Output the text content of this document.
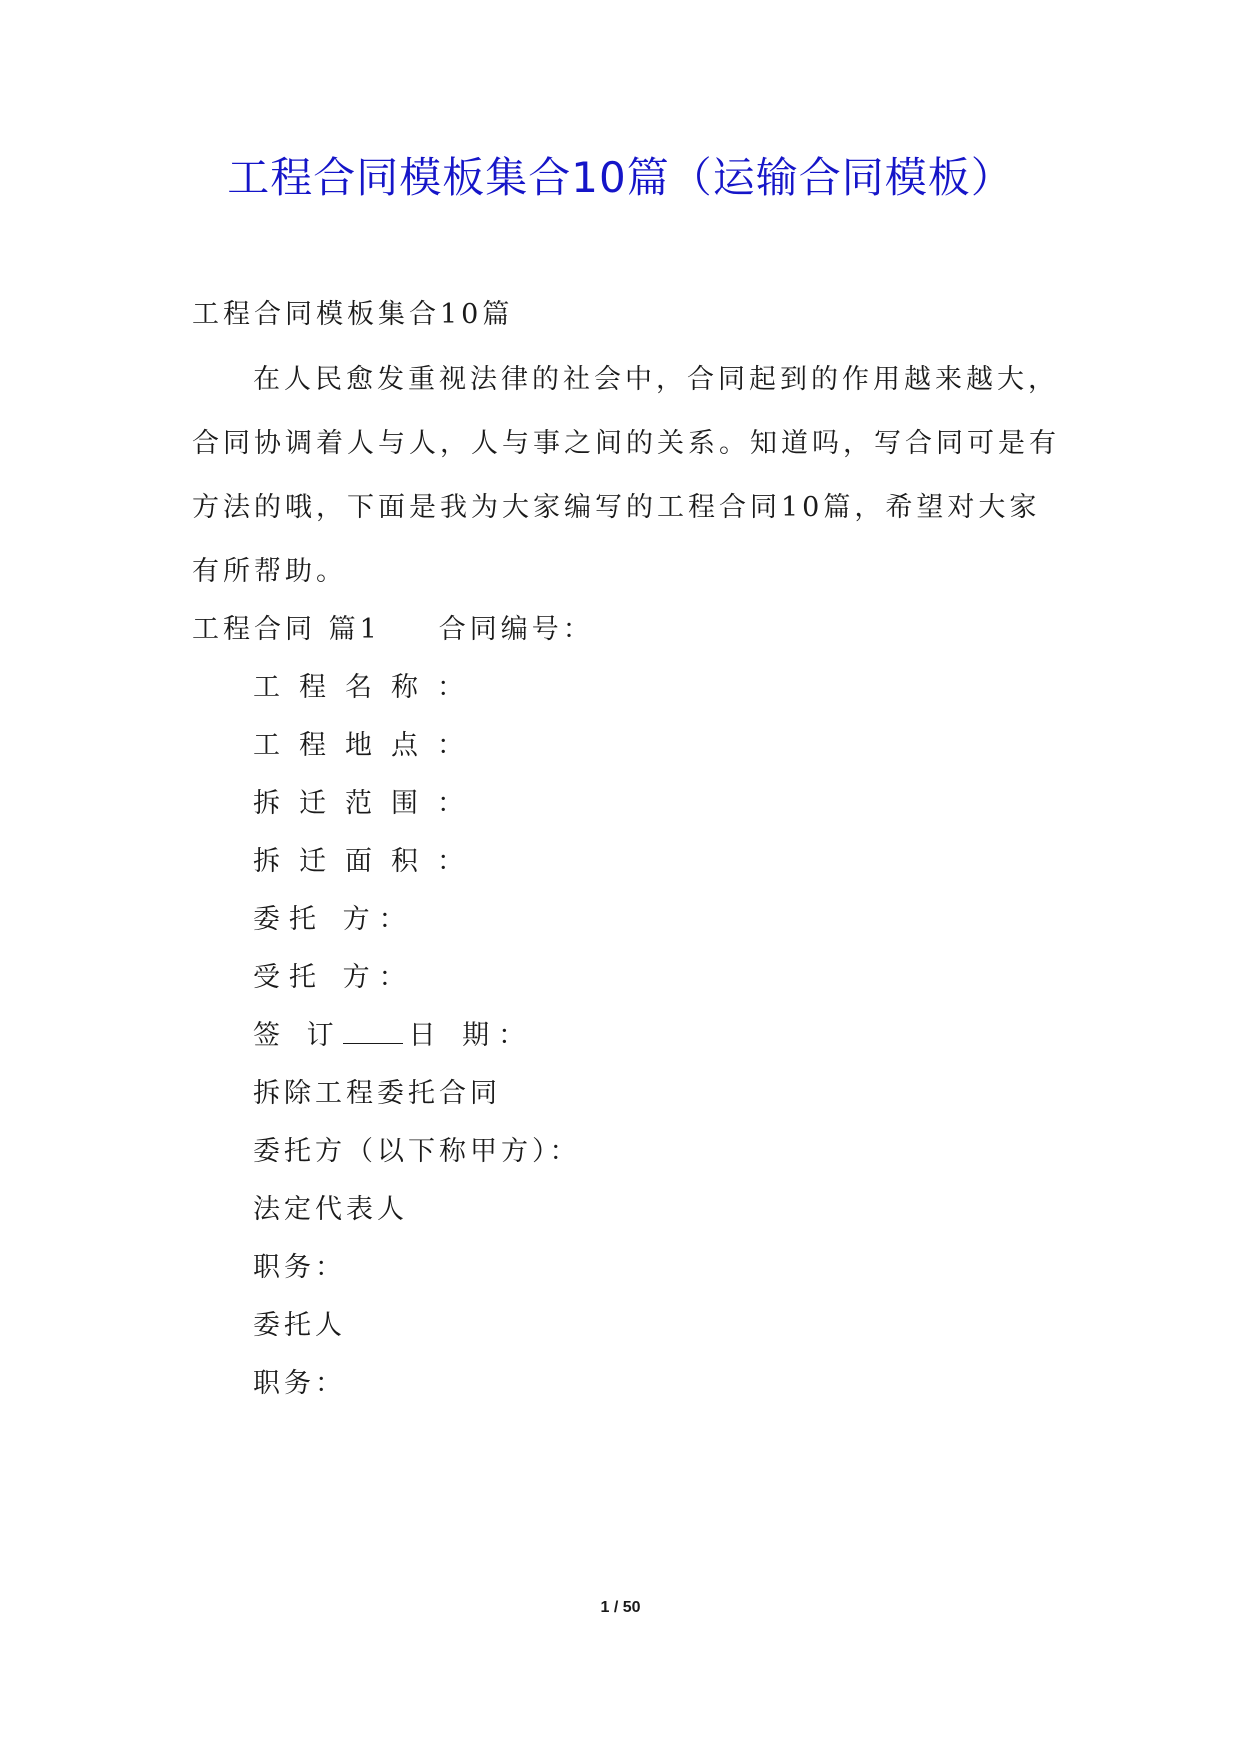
工程合同模板集合10篇（运输合同模板）
工程合同模板集合10篇
在人民愈发重视法律的社会中，合同起到的作用越来越大，合同协调着人与人，人与事之间的关系。知道吗，写合同可是有方法的哦，下面是我为大家编写的工程合同10篇，希望对大家有所帮助。
工程合同 篇1 合同编号：
工程名称：
工程地点：
拆迁范围：
拆迁面积：
委托 方：
受托 方：
签 订 日 期：
拆除工程委托合同
委托方（以下称甲方）：
法定代表人
职务：
委托人
职务：
1 / 50
